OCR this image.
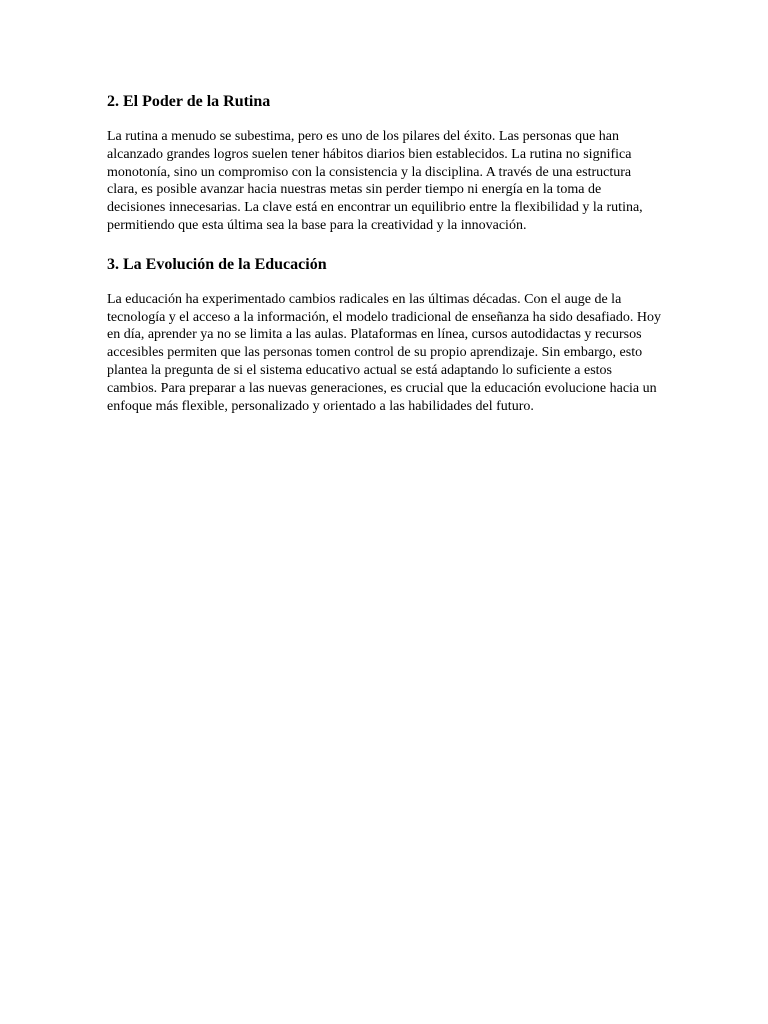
2. El Poder de la Rutina

La rutina a menudo se subestima, pero es uno de los pilares del éxito. Las personas que han alcanzado grandes logros suelen tener hábitos diarios bien establecidos. La rutina no significa monotonía, sino un compromiso con la consistencia y la disciplina. A través de una estructura clara, es posible avanzar hacia nuestras metas sin perder tiempo ni energía en la toma de decisiones innecesarias. La clave está en encontrar un equilibrio entre la flexibilidad y la rutina, permitiendo que esta última sea la base para la creatividad y la innovación.

3. La Evolución de la Educación

La educación ha experimentado cambios radicales en las últimas décadas. Con el auge de la tecnología y el acceso a la información, el modelo tradicional de enseñanza ha sido desafiado. Hoy en día, aprender ya no se limita a las aulas. Plataformas en línea, cursos autodidactas y recursos accesibles permiten que las personas tomen control de su propio aprendizaje. Sin embargo, esto plantea la pregunta de si el sistema educativo actual se está adaptando lo suficiente a estos cambios. Para preparar a las nuevas generaciones, es crucial que la educación evolucione hacia un enfoque más flexible, personalizado y orientado a las habilidades del futuro.
